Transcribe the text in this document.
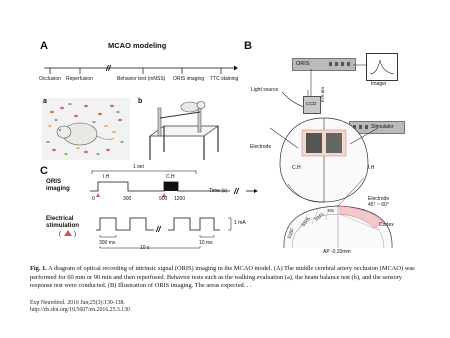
A	MCAO modeling
//
Occlusion Reperfusion	Behavior test (mNSS) ORIS imaging TTC staining
a	b
C	1 set
ORIS
imaging
I.H	C.H
//
0	300	900 1200
Time (s)
Electrical
stimulation
( )
//
1 mA
300 ms	10 ms
B
ORIS
Imager
Light source
CCD
570 nm
Stimulator
Electrode
C.H	I.H
Electrode
45° ~ 60°
M1
S1FL
S1HL
S1BF
Cortex
AP -0.20mm
10 s
Fig. 1. A diagram of optical recording of intrinsic signal (ORIS) imaging in the MCAO model. (A) The middle cerebral artery occlusion (MCAO) was performed for 60 min or 90 min and then reperfused. Behavior tests such as the walking evaluation (a), the beam balance test (b), and the sensory response test were conducted. (B) Illustration of ORIS imaging. The areas expected. . .
Exp Neurobiol. 2016 Jun;25(3):130-138.
http://dx.doi.org/10.5607/en.2016.25.3.130
